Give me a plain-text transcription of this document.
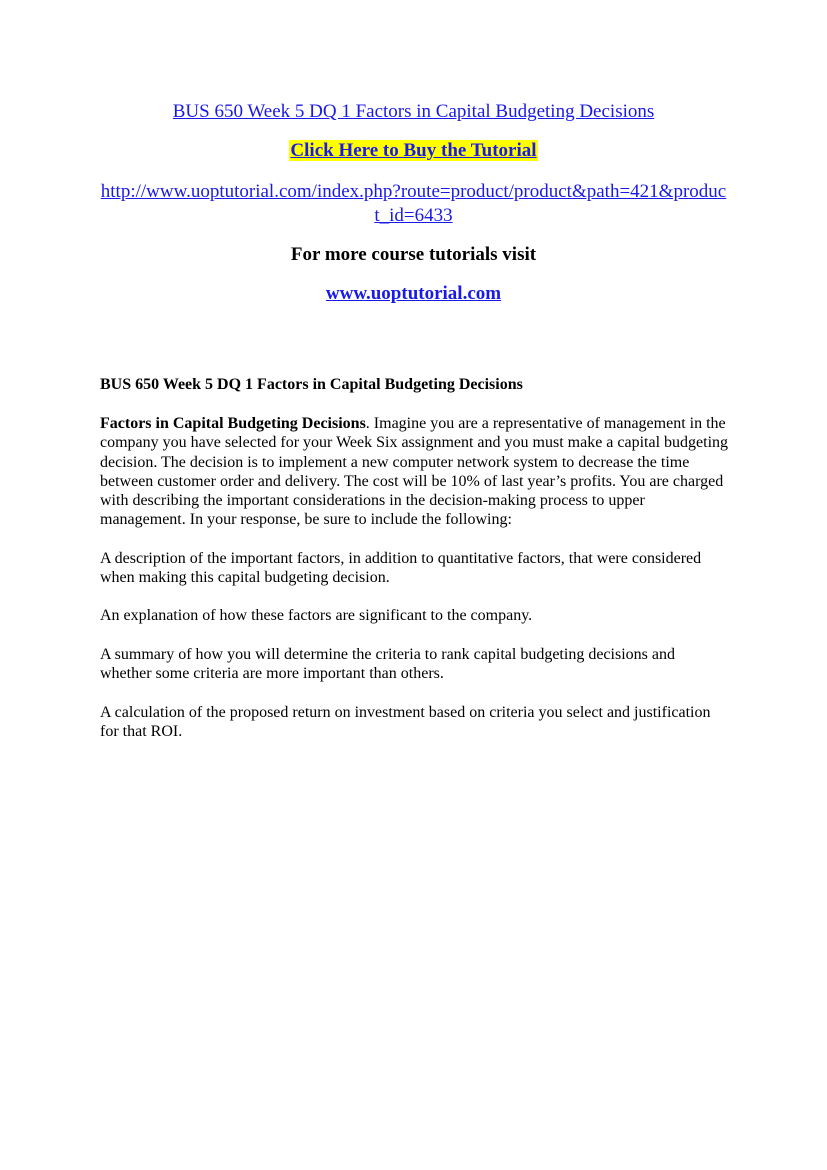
BUS 650 Week 5 DQ 1 Factors in Capital Budgeting Decisions
Click Here to Buy the Tutorial
http://www.uoptutorial.com/index.php?route=product/product&path=421&product_id=6433
For more course tutorials visit
www.uoptutorial.com
BUS 650 Week 5 DQ 1 Factors in Capital Budgeting Decisions

Factors in Capital Budgeting Decisions. Imagine you are a representative of management in the company you have selected for your Week Six assignment and you must make a capital budgeting decision. The decision is to implement a new computer network system to decrease the time between customer order and delivery. The cost will be 10% of last year’s profits. You are charged with describing the important considerations in the decision-making process to upper management. In your response, be sure to include the following:

A description of the important factors, in addition to quantitative factors, that were considered when making this capital budgeting decision.

An explanation of how these factors are significant to the company.

A summary of how you will determine the criteria to rank capital budgeting decisions and whether some criteria are more important than others.

A calculation of the proposed return on investment based on criteria you select and justification for that ROI.
